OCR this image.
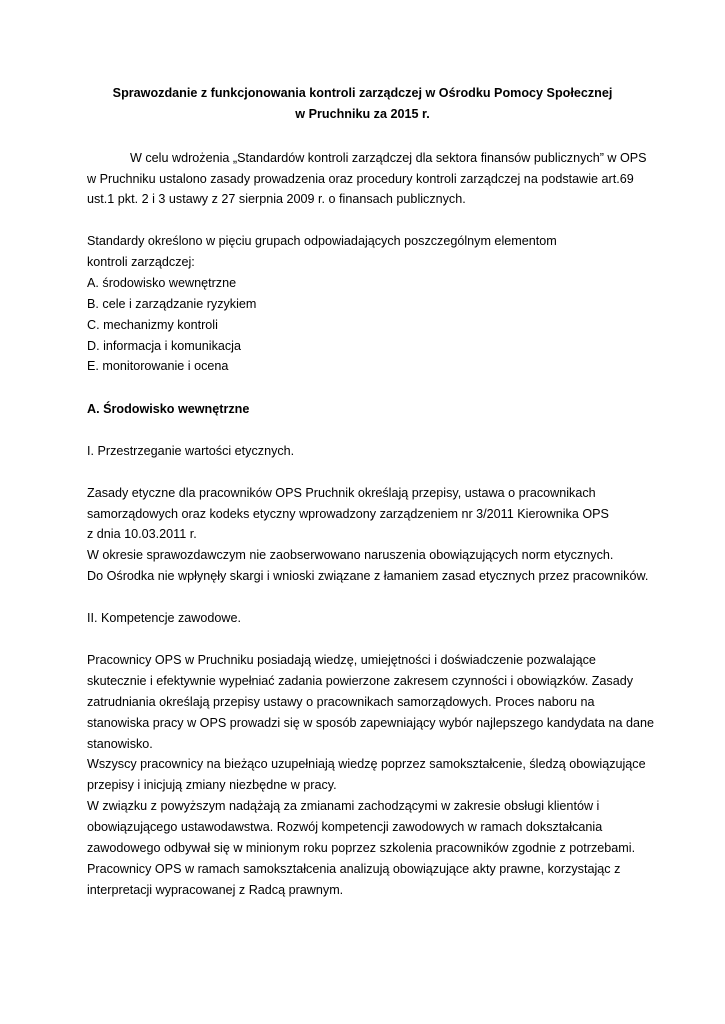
Sprawozdanie z funkcjonowania kontroli zarządczej w Ośrodku Pomocy Społecznej

w Pruchniku za 2015 r.

W celu wdrożenia „Standardów kontroli zarządczej dla sektora finansów publicznych” w OPS

w Pruchniku ustalono zasady prowadzenia oraz procedury kontroli zarządczej na podstawie art.69

ust.1 pkt. 2 i 3 ustawy z 27 sierpnia 2009 r. o finansach publicznych.

Standardy określono w pięciu grupach odpowiadających poszczególnym elementom

kontroli zarządczej:

A. środowisko wewnętrzne

B. cele i zarządzanie ryzykiem

C. mechanizmy kontroli

D. informacja i komunikacja

E. monitorowanie i ocena

A. Środowisko wewnętrzne

I. Przestrzeganie wartości etycznych.

Zasady etyczne dla pracowników OPS Pruchnik określają przepisy, ustawa o pracownikach

samorządowych oraz kodeks etyczny wprowadzony zarządzeniem nr 3/2011 Kierownika OPS

z dnia 10.03.2011 r.

W okresie sprawozdawczym nie zaobserwowano naruszenia obowiązujących norm etycznych.

Do Ośrodka nie wpłynęły skargi i wnioski związane z łamaniem zasad etycznych przez pracowników.

II. Kompetencje zawodowe.

Pracownicy OPS w Pruchniku posiadają wiedzę, umiejętności i doświadczenie pozwalające

skutecznie i efektywnie wypełniać zadania powierzone zakresem czynności i obowiązków. Zasady

zatrudniania określają przepisy ustawy o pracownikach samorządowych. Proces naboru na

stanowiska pracy w OPS prowadzi się w sposób zapewniający wybór najlepszego kandydata na dane

stanowisko.

Wszyscy pracownicy na bieżąco uzupełniają wiedzę poprzez samokształcenie, śledzą obowiązujące

przepisy i inicjują zmiany niezbędne w pracy.

W związku z powyższym nadążają za zmianami zachodzącymi w zakresie obsługi klientów i

obowiązującego ustawodawstwa. Rozwój kompetencji zawodowych w ramach dokształcania

zawodowego odbywał się w minionym roku poprzez szkolenia pracowników zgodnie z potrzebami.

Pracownicy OPS w ramach samokształcenia analizują obowiązujące akty prawne, korzystając z

interpretacji wypracowanej z Radcą prawnym.
